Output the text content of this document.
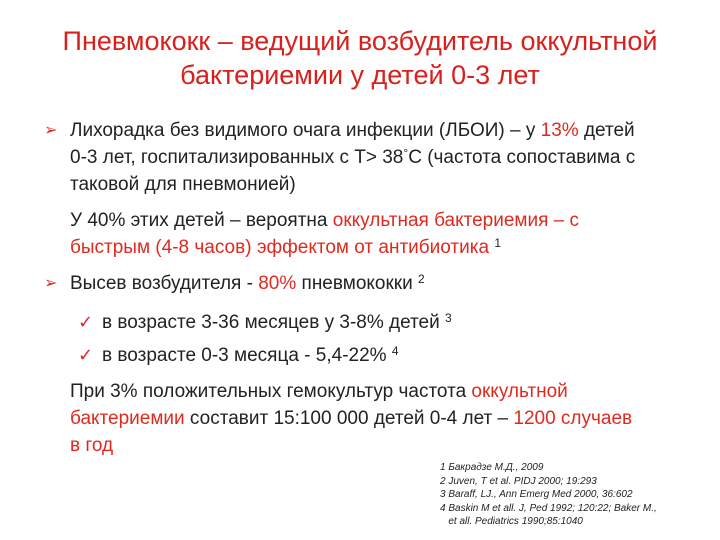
Пневмококк – ведущий возбудитель оккультной
бактериемии у детей 0-3 лет
➢ Лихорадка без видимого очага инфекции (ЛБОИ) – у 13% детей
0-3 лет, госпитализированных с Т> 38°С (частота сопоставима с
таковой для пневмонией)
У 40% этих детей – вероятна оккультная бактериемия – с
быстрым (4-8 часов) эффектом от антибиотика $^1$
➢ Высев возбудителя - 80% пневмококки $^2$
✓ в возрасте 3-36 месяцев у 3-8% детей $^3$
✓ в возрасте 0-3 месяца - 5,4-22% $^4$
При 3% положительных гемокультур частота оккультной
бактериемии составит 15:100 000 детей 0-4 лет – 1200 случаев
в год
1 Бакрадзе М.Д., 2009
2 Juven, T et al. PIDJ 2000; 19:293
3 Baraff, LJ., Ann Emerg Med 2000, 36:602
4 Baskin M et all. J, Ped 1992; 120:22; Baker M.,
et all. Pediatrics 1990;85:1040
